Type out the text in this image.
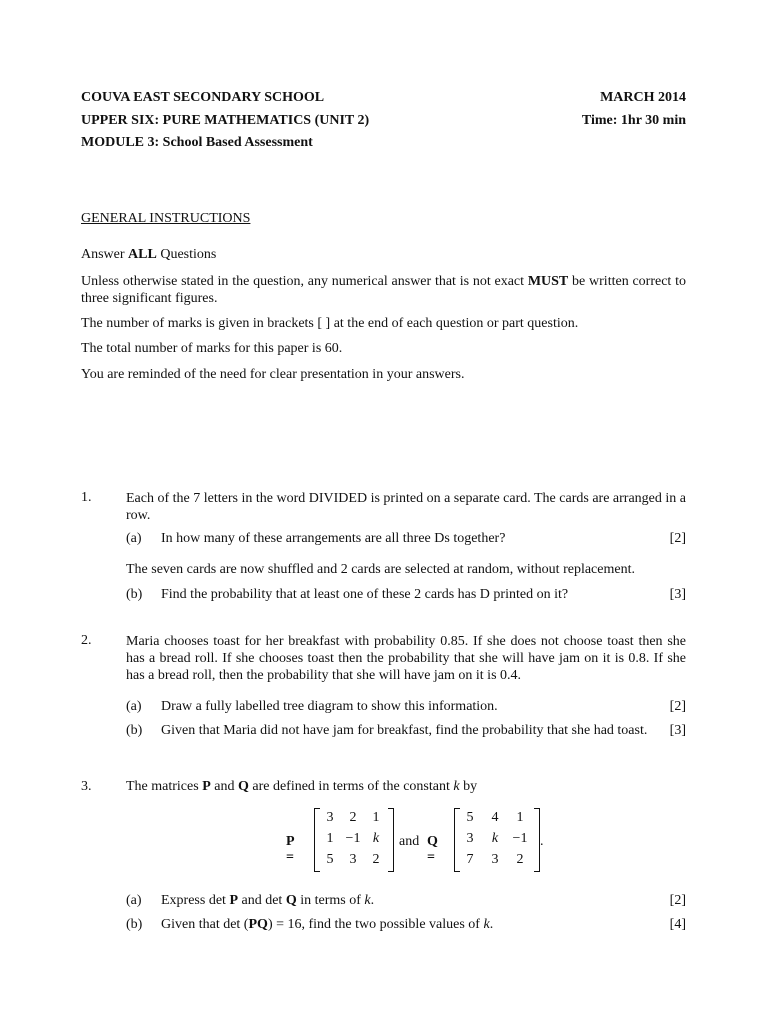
COUVA EAST SECONDARY SCHOOL	MARCH 2014
UPPER SIX: PURE MATHEMATICS (UNIT 2)	Time: 1hr 30 min
MODULE 3: School Based Assessment
GENERAL INSTRUCTIONS
Answer ALL Questions
Unless otherwise stated in the question, any numerical answer that is not exact MUST be written correct to three significant figures.
The number of marks is given in brackets [ ] at the end of each question or part question.
The total number of marks for this paper is 60.
You are reminded of the need for clear presentation in your answers.
1. Each of the 7 letters in the word DIVIDED is printed on a separate card. The cards are arranged in a row.
(a) In how many of these arrangements are all three Ds together?	[2]
The seven cards are now shuffled and 2 cards are selected at random, without replacement.
(b) Find the probability that at least one of these 2 cards has D printed on it?	[3]
2. Maria chooses toast for her breakfast with probability 0.85. If she does not choose toast then she has a bread roll. If she chooses toast then the probability that she will have jam on it is 0.8. If she has a bread roll, then the probability that she will have jam on it is 0.4.
(a) Draw a fully labelled tree diagram to show this information.	[2]
(b) Given that Maria did not have jam for breakfast, find the probability that she had toast. [3]
3. The matrices P and Q are defined in terms of the constant k by
P =
3	2	1
1 −1 k
5	3	2
and Q =
5	4	1
3	k	−1
7	3	2
.
(a) Express det P and det Q in terms of k.	[2]
(b) Given that det (PQ) = 16, find the two possible values of k.	[4]
